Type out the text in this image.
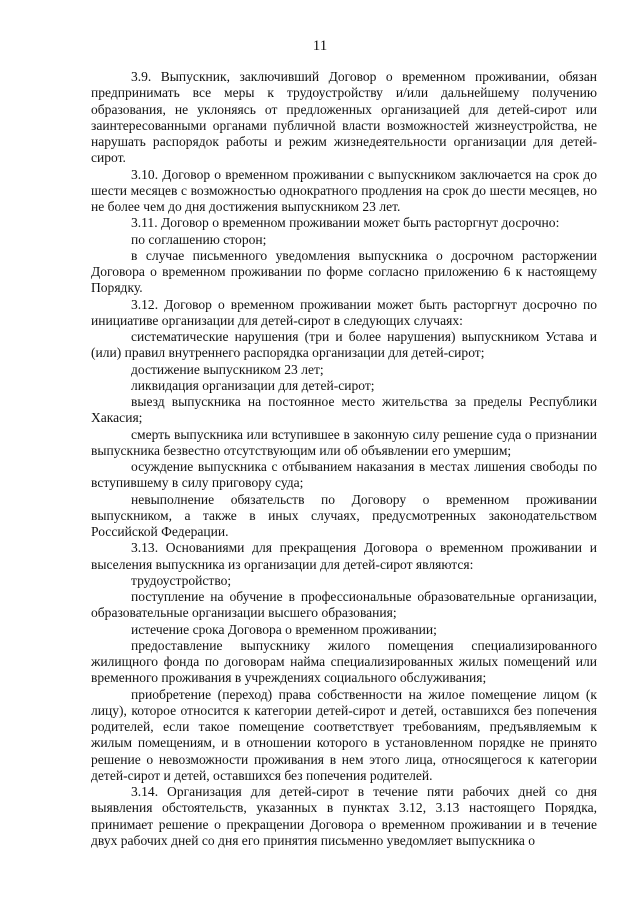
11

3.9. Выпускник, заключивший Договор о временном проживании, обязан предпринимать все меры к трудоустройству и/или дальнейшему получению образования, не уклоняясь от предложенных организацией для детей-сирот или заинтересованными органами публичной власти возможностей жизнеустройства, не нарушать распорядок работы и режим жизнедеятельности организации для детей-сирот.

3.10. Договор о временном проживании с выпускником заключается на срок до шести месяцев с возможностью однократного продления на срок до шести месяцев, но не более чем до дня достижения выпускником 23 лет.

3.11. Договор о временном проживании может быть расторгнут досрочно:

по соглашению сторон;

в случае письменного уведомления выпускника о досрочном расторжении Договора о временном проживании по форме согласно приложению 6 к настоящему Порядку.

3.12. Договор о временном проживании может быть расторгнут досрочно по инициативе организации для детей-сирот в следующих случаях:

систематические нарушения (три и более нарушения) выпускником Устава и (или) правил внутреннего распорядка организации для детей-сирот;

достижение выпускником 23 лет;

ликвидация организации для детей-сирот;

выезд выпускника на постоянное место жительства за пределы Республики Хакасия;

смерть выпускника или вступившее в законную силу решение суда о признании выпускника безвестно отсутствующим или об объявлении его умершим;

осуждение выпускника с отбыванием наказания в местах лишения свободы по вступившему в силу приговору суда;

невыполнение обязательств по Договору о временном проживании выпускником, а также в иных случаях, предусмотренных законодательством Российской Федерации.

3.13. Основаниями для прекращения Договора о временном проживании и выселения выпускника из организации для детей-сирот являются:

трудоустройство;

поступление на обучение в профессиональные образовательные организации, образовательные организации высшего образования;

истечение срока Договора о временном проживании;

предоставление выпускнику жилого помещения специализированного жилищного фонда по договорам найма специализированных жилых помещений или временного проживания в учреждениях социального обслуживания;

приобретение (переход) права собственности на жилое помещение лицом (к лицу), которое относится к категории детей-сирот и детей, оставшихся без попечения родителей, если такое помещение соответствует требованиям, предъявляемым к жилым помещениям, и в отношении которого в установленном порядке не принято решение о невозможности проживания в нем этого лица, относящегося к категории детей-сирот и детей, оставшихся без попечения родителей.

3.14. Организация для детей-сирот в течение пяти рабочих дней со дня выявления обстоятельств, указанных в пунктах 3.12, 3.13 настоящего Порядка, принимает решение о прекращении Договора о временном проживании и в течение двух рабочих дней со дня его принятия письменно уведомляет выпускника о
